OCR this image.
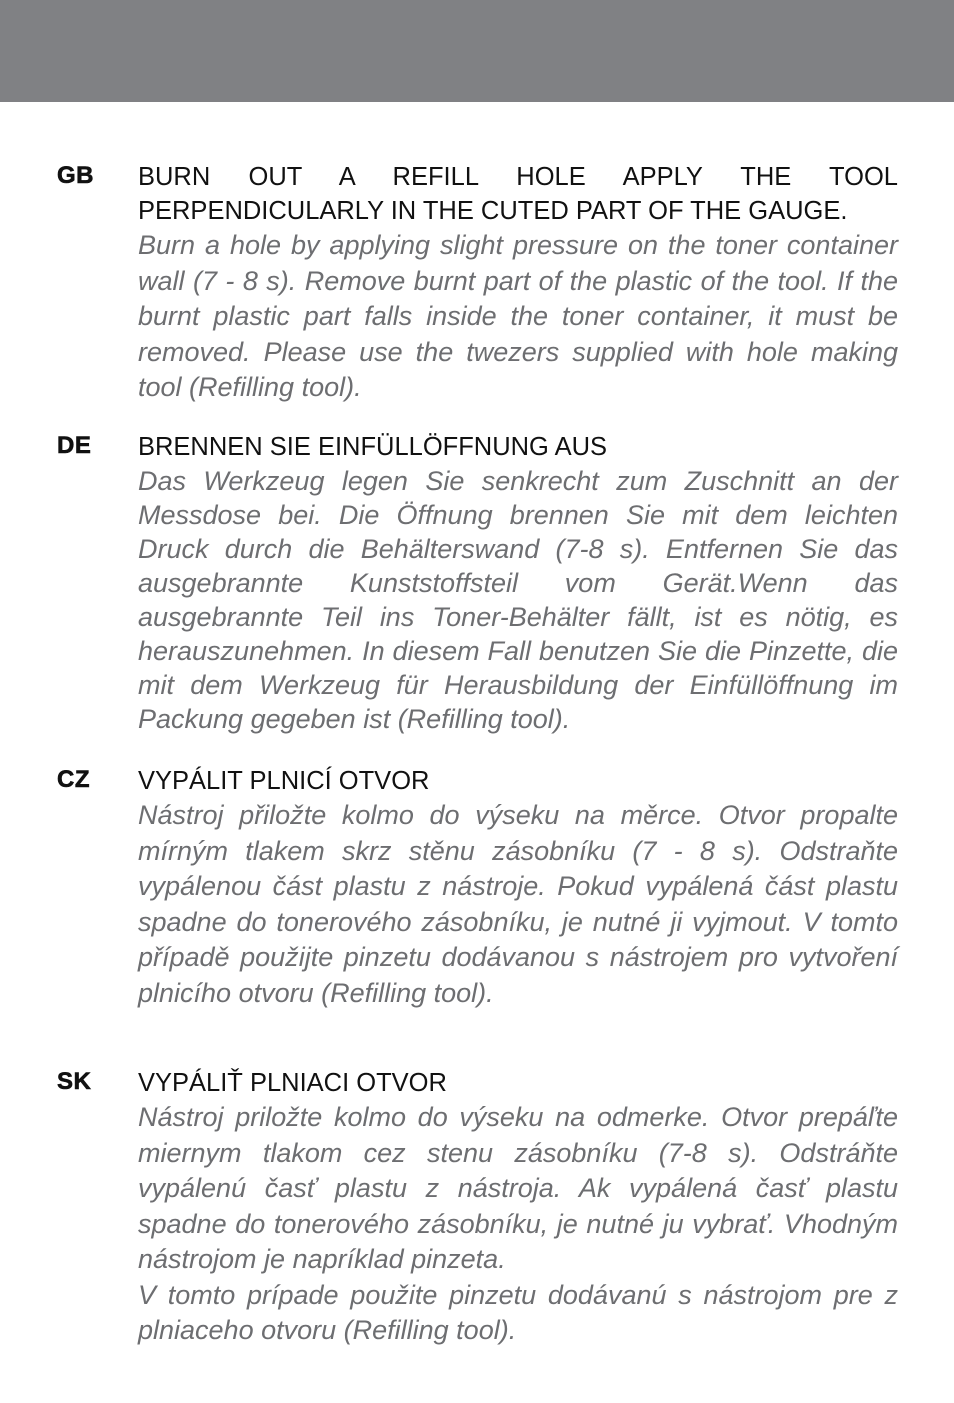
GB BURN OUT A REFILL HOLE APPLY THE TOOL PERPENDICULARLY IN THE CUTED PART OF THE GAUGE.

Burn a hole by applying slight pressure on the toner container wall (7 - 8 s). Remove burnt part of the plastic of the tool. If the burnt plastic part falls inside the toner container, it must be removed. Please use the twezers supplied with hole making tool (Refilling tool).

DE BRENNEN SIE EINFÜLLÖFFNUNG AUS

Das Werkzeug legen Sie senkrecht zum Zuschnitt an der Messdose bei. Die Öffnung brennen Sie mit dem leichten Druck durch die Behälterswand (7-8 s). Entfernen Sie das ausgebrannte Kunststoffsteil vom Gerät.Wenn das ausgebrannte Teil ins Toner-Behälter fällt, ist es nötig, es herauszunehmen. In diesem Fall benutzen Sie die Pinzette, die mit dem Werkzeug für Herausbildung der Einfüllöffnung im Packung gegeben ist (Refilling tool).

CZ VYPÁLIT PLNICÍ OTVOR

Nástroj přiložte kolmo do výseku na měrce. Otvor propalte mírným tlakem skrz stěnu zásobníku (7 - 8 s). Odstraňte vypálenou část plastu z nástroje. Pokud vypálená část plastu spadne do tonerového zásobníku, je nutné ji vyjmout. V tomto případě použijte pinzetu dodávanou s nástrojem pro vytvoření plnicího otvoru (Refilling tool).

SK VYPÁLIŤ PLNIACI OTVOR

Nástroj priložte kolmo do výseku na odmerke. Otvor prepáľte miernym tlakom cez stenu zásobníku (7-8 s). Odstráňte vypálenú časť plastu z nástroja. Ak vypálená časť plastu spadne do tonerového zásobníku, je nutné ju vybrať. Vhodným nástrojom je napríklad pinzeta.

V tomto prípade použite pinzetu dodávanú s nástrojom pre z plniaceho otvoru (Refilling tool).
